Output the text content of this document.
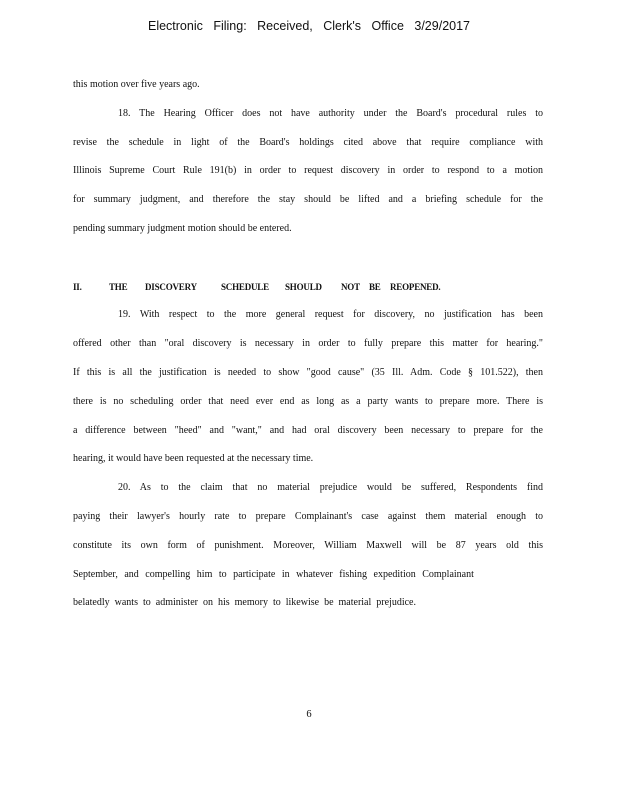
Electronic Filing: Received, Clerk's Office 3/29/2017
this motion over five years ago.
18. The Hearing Officer does not have authority under the Board's procedural rules to
revise the schedule in light of the Board's holdings cited above that require compliance with
Illinois Supreme Court Rule 191(b) in order to request discovery in order to respond to a motion
for summary judgment, and therefore the stay should be lifted and a briefing schedule for the
pending summary judgment motion should be entered.
II.	THE DISCOVERY	SCHEDULE SHOULD NOT BE REOPENED.
19. With respect to the more general request for discovery, no justification has been
offered other than "oral discovery is necessary in order to fully prepare this matter for hearing."
If this is all the justification is needed to show "good cause" (35 Ill. Adm. Code § 101.522), then
there is no scheduling order that need ever end as long as a party wants to prepare more. There is
a difference between "heed" and "want," and had oral discovery been necessary to prepare for the
hearing, it would have been requested at the necessary time.
20. As to the claim that no material prejudice would be suffered, Respondents find
paying their lawyer's hourly rate to prepare Complainant's case against them material enough to
constitute its own form of punishment. Moreover, William Maxwell will be 87 years old this
September, and compelling him to participate in whatever fishing expedition Complainant
belatedly wants to administer on his memory to likewise be material prejudice.
6
